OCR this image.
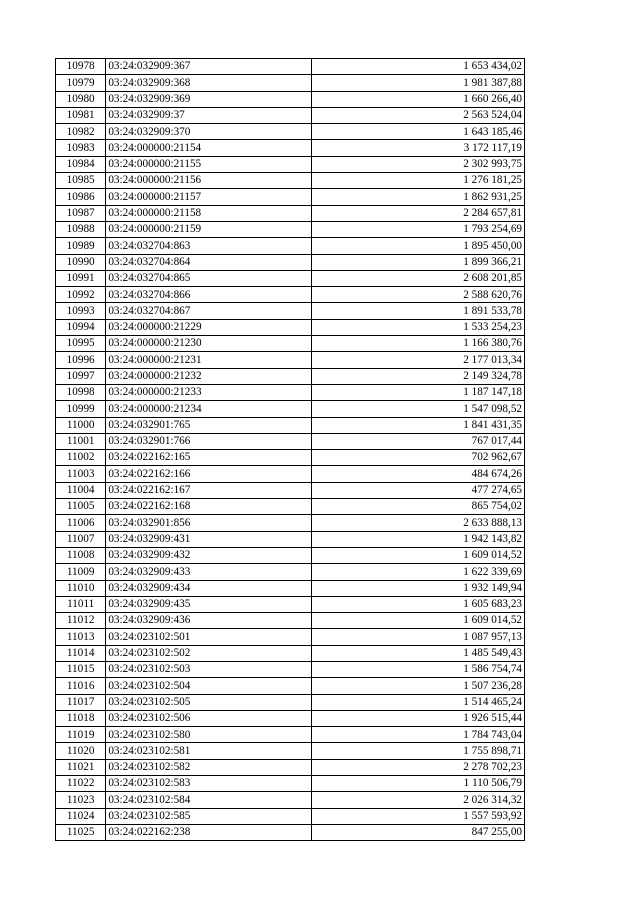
10978	03:24:032909:367	1 653 434,02
10979	03:24:032909:368	1 981 387,88
10980	03:24:032909:369	1 660 266,40
10981	03:24:032909:37	2 563 524,04
10982	03:24:032909:370	1 643 185,46
10983	03:24:000000:21154	3 172 117,19
10984	03:24:000000:21155	2 302 993,75
10985	03:24:000000:21156	1 276 181,25
10986	03:24:000000:21157	1 862 931,25
10987	03:24:000000:21158	2 284 657,81
10988	03:24:000000:21159	1 793 254,69
10989	03:24:032704:863	1 895 450,00
10990	03:24:032704:864	1 899 366,21
10991	03:24:032704:865	2 608 201,85
10992	03:24:032704:866	2 588 620,76
10993	03:24:032704:867	1 891 533,78
10994	03:24:000000:21229	1 533 254,23
10995	03:24:000000:21230	1 166 380,76
10996	03:24:000000:21231	2 177 013,34
10997	03:24:000000:21232	2 149 324,78
10998	03:24:000000:21233	1 187 147,18
10999	03:24:000000:21234	1 547 098,52
11000	03:24:032901:765	1 841 431,35
11001	03:24:032901:766	767 017,44
11002	03:24:022162:165	702 962,67
11003	03:24:022162:166	484 674,26
11004	03:24:022162:167	477 274,65
11005	03:24:022162:168	865 754,02
11006	03:24:032901:856	2 633 888,13
11007	03:24:032909:431	1 942 143,82
11008	03:24:032909:432	1 609 014,52
11009	03:24:032909:433	1 622 339,69
11010	03:24:032909:434	1 932 149,94
11011	03:24:032909:435	1 605 683,23
11012	03:24:032909:436	1 609 014,52
11013	03:24:023102:501	1 087 957,13
11014	03:24:023102:502	1 485 549,43
11015	03:24:023102:503	1 586 754,74
11016	03:24:023102:504	1 507 236,28
11017	03:24:023102:505	1 514 465,24
11018	03:24:023102:506	1 926 515,44
11019	03:24:023102:580	1 784 743,04
11020	03:24:023102:581	1 755 898,71
11021	03:24:023102:582	2 278 702,23
11022	03:24:023102:583	1 110 506,79
11023	03:24:023102:584	2 026 314,32
11024	03:24:023102:585	1 557 593,92
11025	03:24:022162:238	847 255,00
